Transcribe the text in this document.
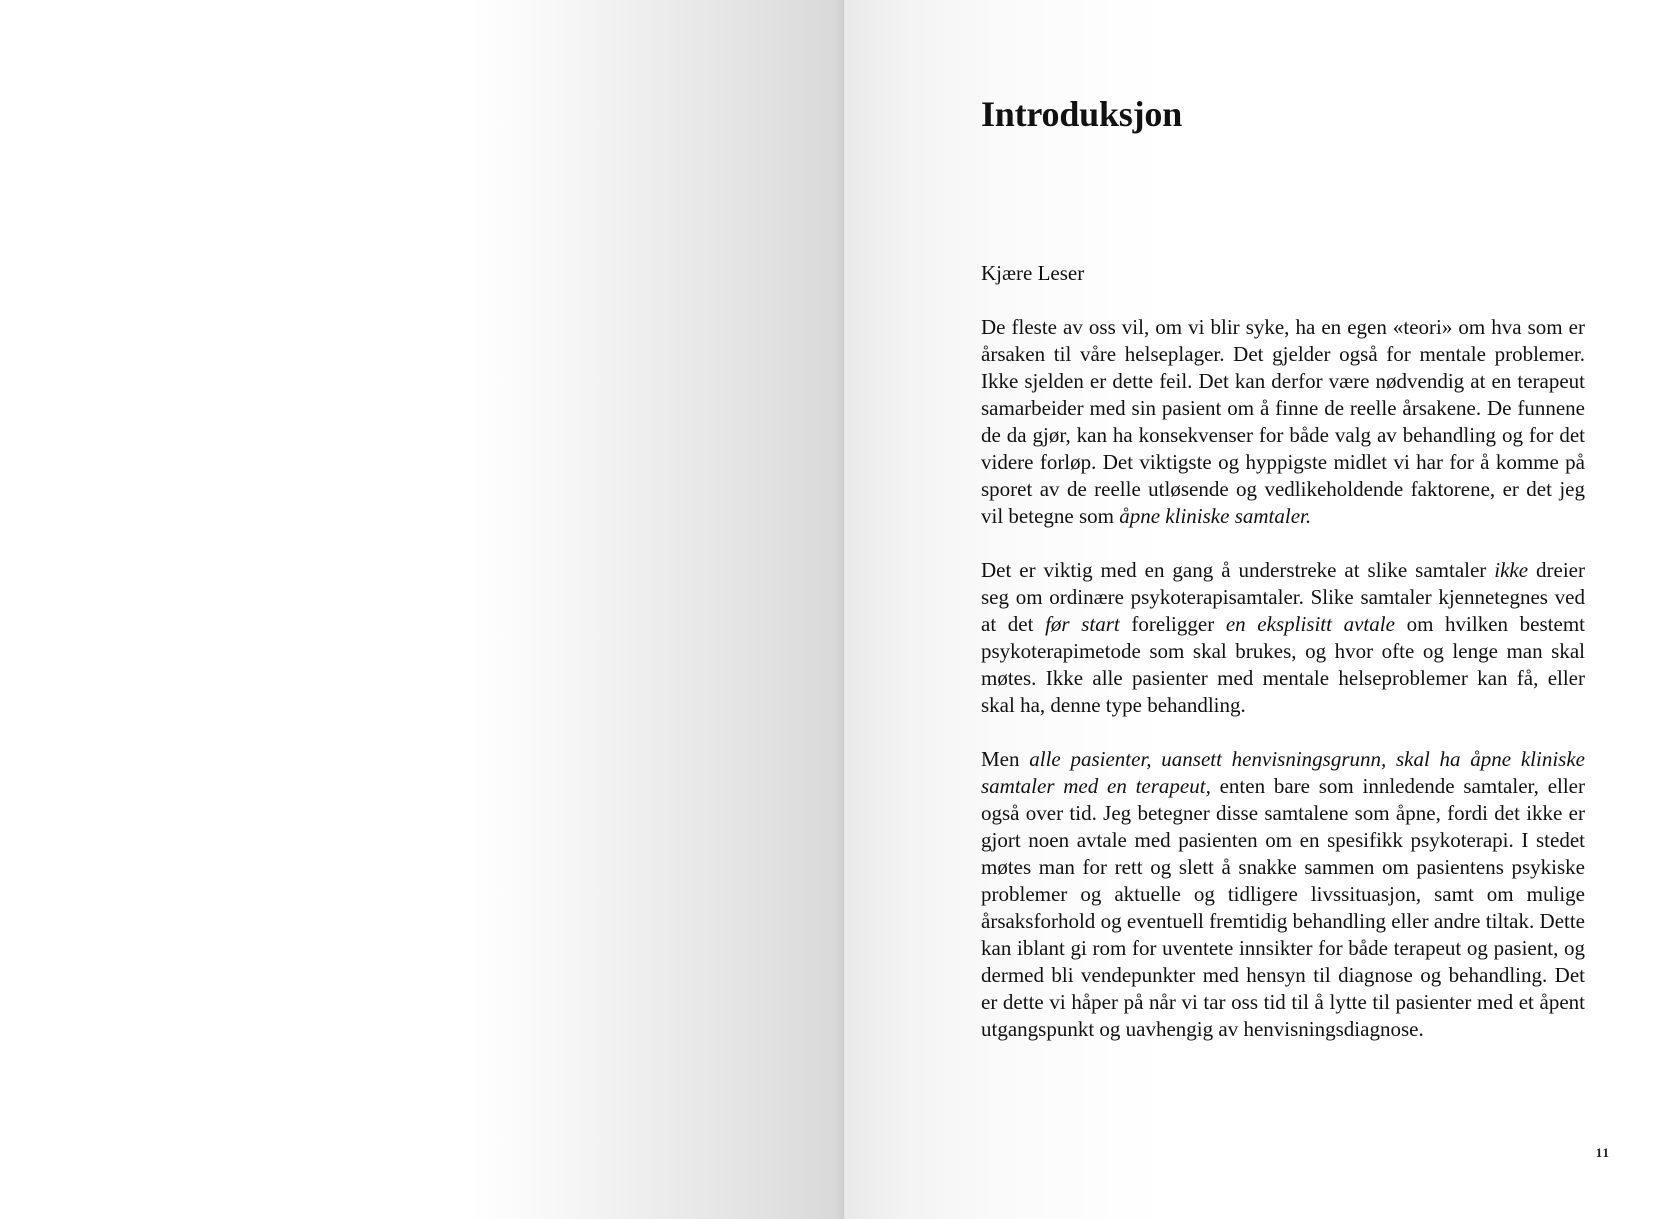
Introduksjon
Kjære Leser

De fleste av oss vil, om vi blir syke, ha en egen «teori» om hva som er årsaken til våre helseplager. Det gjelder også for mentale problemer. Ikke sjelden er dette feil. Det kan derfor være nødvendig at en terapeut samarbeider med sin pasient om å finne de reelle årsakene. De funnene de da gjør, kan ha konsekvenser for både valg av behandling og for det videre forløp. Det viktigste og hyppigste midlet vi har for å komme på sporet av de reelle utløsende og vedlikeholdende faktorene, er det jeg vil betegne som åpne kliniske samtaler.

Det er viktig med en gang å understreke at slike samtaler ikke dreier seg om ordinære psykoterapisamtaler. Slike samtaler kjennetegnes ved at det før start foreligger en eksplisitt avtale om hvilken bestemt psykoterapimetode som skal brukes, og hvor ofte og lenge man skal møtes. Ikke alle pasienter med mentale helseproblemer kan få, eller skal ha, denne type behandling.

Men alle pasienter, uansett henvisningsgrunn, skal ha åpne kliniske samtaler med en terapeut, enten bare som innledende samtaler, eller også over tid. Jeg betegner disse samtalene som åpne, fordi det ikke er gjort noen avtale med pasienten om en spesifikk psykoterapi. I stedet møtes man for rett og slett å snakke sammen om pasientens psykiske problemer og aktuelle og tidligere livssituasjon, samt om mulige årsaksforhold og eventuell fremtidig behandling eller andre tiltak. Dette kan iblant gi rom for uventete innsikter for både terapeut og pasient, og dermed bli vendepunkter med hensyn til diagnose og behandling. Det er dette vi håper på når vi tar oss tid til å lytte til pasienter med et åpent utgangspunkt og uavhengig av henvisningsdiagnose.

11
